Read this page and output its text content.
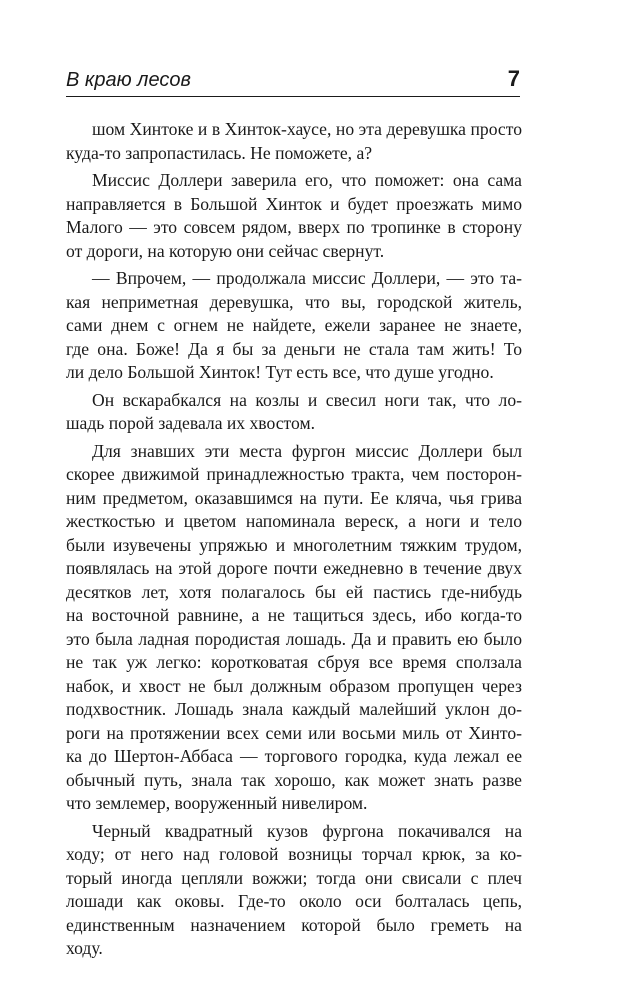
В краю лесов	7
шом Хинтоке и в Хинток-хаусе, но эта деревушка просто
куда-то запропастилась. Не поможете, а?
Миссис Доллери заверила его, что поможет: она сама
направляется в Большой Хинток и будет проезжать мимо
Малого — это совсем рядом, вверх по тропинке в сторону
от дороги, на которую они сейчас свернут.
— Впрочем, — продолжала миссис Доллери, — это та-
кая неприметная деревушка, что вы, городской житель,
сами днем с огнем не найдете, ежели заранее не знаете,
где она. Боже! Да я бы за деньги не стала там жить! То
ли дело Большой Хинток! Тут есть все, что душе угодно.
Он вскарабкался на козлы и свесил ноги так, что ло-
шадь порой задевала их хвостом.
Для знавших эти места фургон миссис Доллери был
скорее движимой принадлежностью тракта, чем посторон-
ним предметом, оказавшимся на пути. Ее кляча, чья грива
жесткостью и цветом напоминала вереск, а ноги и тело
были изувечены упряжью и многолетним тяжким трудом,
появлялась на этой дороге почти ежедневно в течение двух
десятков лет, хотя полагалось бы ей пастись где-нибудь
на восточной равнине, а не тащиться здесь, ибо когда-то
это была ладная породистая лошадь. Да и править ею было
не так уж легко: коротковатая сбруя все время сползала
набок, и хвост не был должным образом пропущен через
подхвостник. Лошадь знала каждый малейший уклон до-
роги на протяжении всех семи или восьми миль от Хинто-
ка до Шертон-Аббаса — торгового городка, куда лежал ее
обычный путь, знала так хорошо, как может знать разве
что землемер, вооруженный нивелиром.
Черный квадратный кузов фургона покачивался на
ходу; от него над головой возницы торчал крюк, за ко-
торый иногда цепляли вожжи; тогда они свисали с плеч
лошади как оковы. Где-то около оси болталась цепь,
единственным назначением которой было греметь на
ходу.
